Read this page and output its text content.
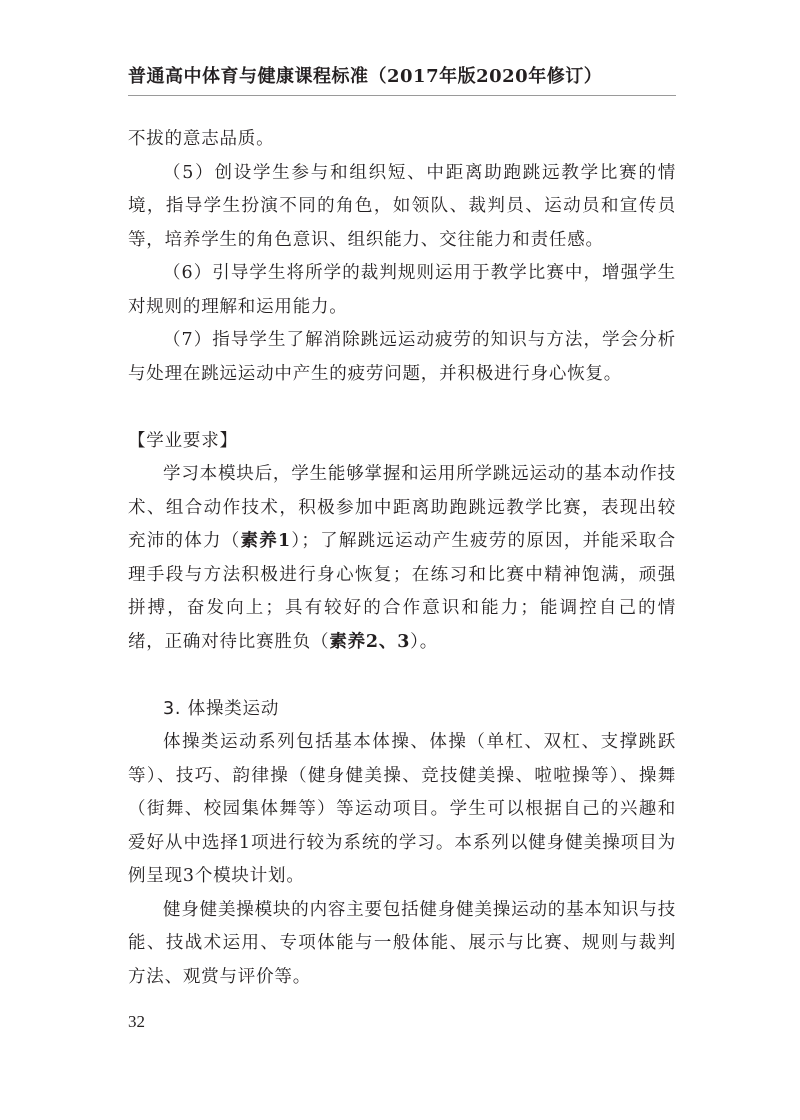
普通高中体育与健康课程标准（2017年版2020年修订）

不拔的意志品质。

（5）创设学生参与和组织短、中距离助跑跳远教学比赛的情境，指导学生扮演不同的角色，如领队、裁判员、运动员和宣传员等，培养学生的角色意识、组织能力、交往能力和责任感。

（6）引导学生将所学的裁判规则运用于教学比赛中，增强学生对规则的理解和运用能力。

（7）指导学生了解消除跳远运动疲劳的知识与方法，学会分析与处理在跳远运动中产生的疲劳问题，并积极进行身心恢复。

【学业要求】

学习本模块后，学生能够掌握和运用所学跳远运动的基本动作技术、组合动作技术，积极参加中距离助跑跳远教学比赛，表现出较充沛的体力（素养1）；了解跳远运动产生疲劳的原因，并能采取合理手段与方法积极进行身心恢复；在练习和比赛中精神饱满，顽强拼搏，奋发向上；具有较好的合作意识和能力；能调控自己的情绪，正确对待比赛胜负（素养2、3）。

3. 体操类运动

体操类运动系列包括基本体操、体操（单杠、双杠、支撑跳跃等）、技巧、韵律操（健身健美操、竞技健美操、啦啦操等）、操舞（街舞、校园集体舞等）等运动项目。学生可以根据自己的兴趣和爱好从中选择1项进行较为系统的学习。本系列以健身健美操项目为例呈现3个模块计划。

健身健美操模块的内容主要包括健身健美操运动的基本知识与技能、技战术运用、专项体能与一般体能、展示与比赛、规则与裁判方法、观赏与评价等。

32
